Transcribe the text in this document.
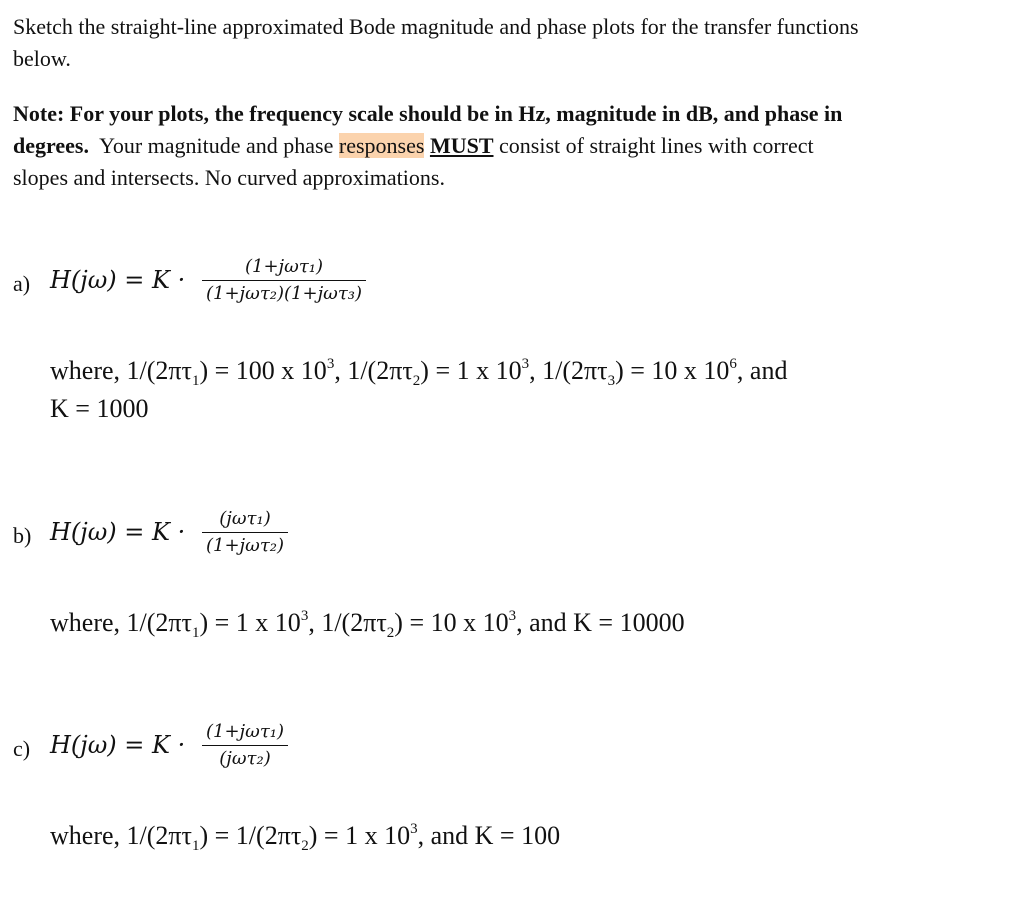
Sketch the straight-line approximated Bode magnitude and phase plots for the transfer functions
below.
Note: For your plots, the frequency scale should be in Hz, magnitude in dB, and phase in
degrees.  Your magnitude and phase responses MUST consist of straight lines with correct
slopes and intersects. No curved approximations.
a) H(jω) = K ·	(1+jωτ₁)
(1+jωτ₂)(1+jωτ₃)
where, $1/(2\pi\tau_1) = 100$ x $10^3$, $1/(2\pi\tau_2) = 1$ x $10^3$, $1/(2\pi\tau_3) = 10$ x $10^6$, and
K = 1000
b) H(jω) = K · (jωτ₁)
(1+jωτ₂)
where, $1/(2\pi\tau_1) = 1$ x $10^3$, $1/(2\pi\tau_2) = 10$ x $10^3$, and K = 10000
c) H(jω) = K · (1+jωτ₁)
(jωτ₂)
where, $1/(2\pi\tau_1) = 1/(2\pi\tau_2) = 1$ x $10^3$, and K = 100
